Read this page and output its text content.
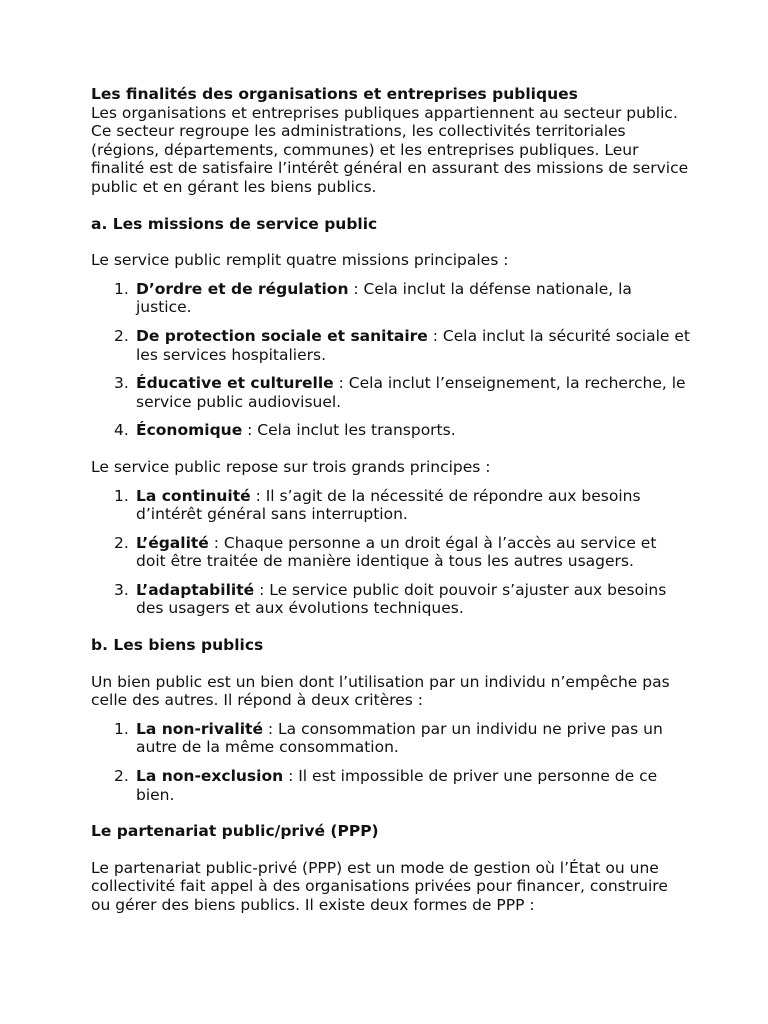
Les finalités des organisations et entreprises publiques

Les organisations et entreprises publiques appartiennent au secteur public. Ce secteur regroupe les administrations, les collectivités territoriales (régions, départements, communes) et les entreprises publiques. Leur finalité est de satisfaire l’intérêt général en assurant des missions de service public et en gérant les biens publics.

a. Les missions de service public

Le service public remplit quatre missions principales :

1. D’ordre et de régulation : Cela inclut la défense nationale, la justice.
2. De protection sociale et sanitaire : Cela inclut la sécurité sociale et les services hospitaliers.
3. Éducative et culturelle : Cela inclut l’enseignement, la recherche, le service public audiovisuel.
4. Économique : Cela inclut les transports.

Le service public repose sur trois grands principes :

1. La continuité : Il s’agit de la nécessité de répondre aux besoins d’intérêt général sans interruption.
2. L’égalité : Chaque personne a un droit égal à l’accès au service et doit être traitée de manière identique à tous les autres usagers.
3. L’adaptabilité : Le service public doit pouvoir s’ajuster aux besoins des usagers et aux évolutions techniques.

b. Les biens publics

Un bien public est un bien dont l’utilisation par un individu n’empêche pas celle des autres. Il répond à deux critères :

1. La non-rivalité : La consommation par un individu ne prive pas un autre de la même consommation.
2. La non-exclusion : Il est impossible de priver une personne de ce bien.

Le partenariat public/privé (PPP)

Le partenariat public-privé (PPP) est un mode de gestion où l’État ou une collectivité fait appel à des organisations privées pour financer, construire ou gérer des biens publics. Il existe deux formes de PPP :
